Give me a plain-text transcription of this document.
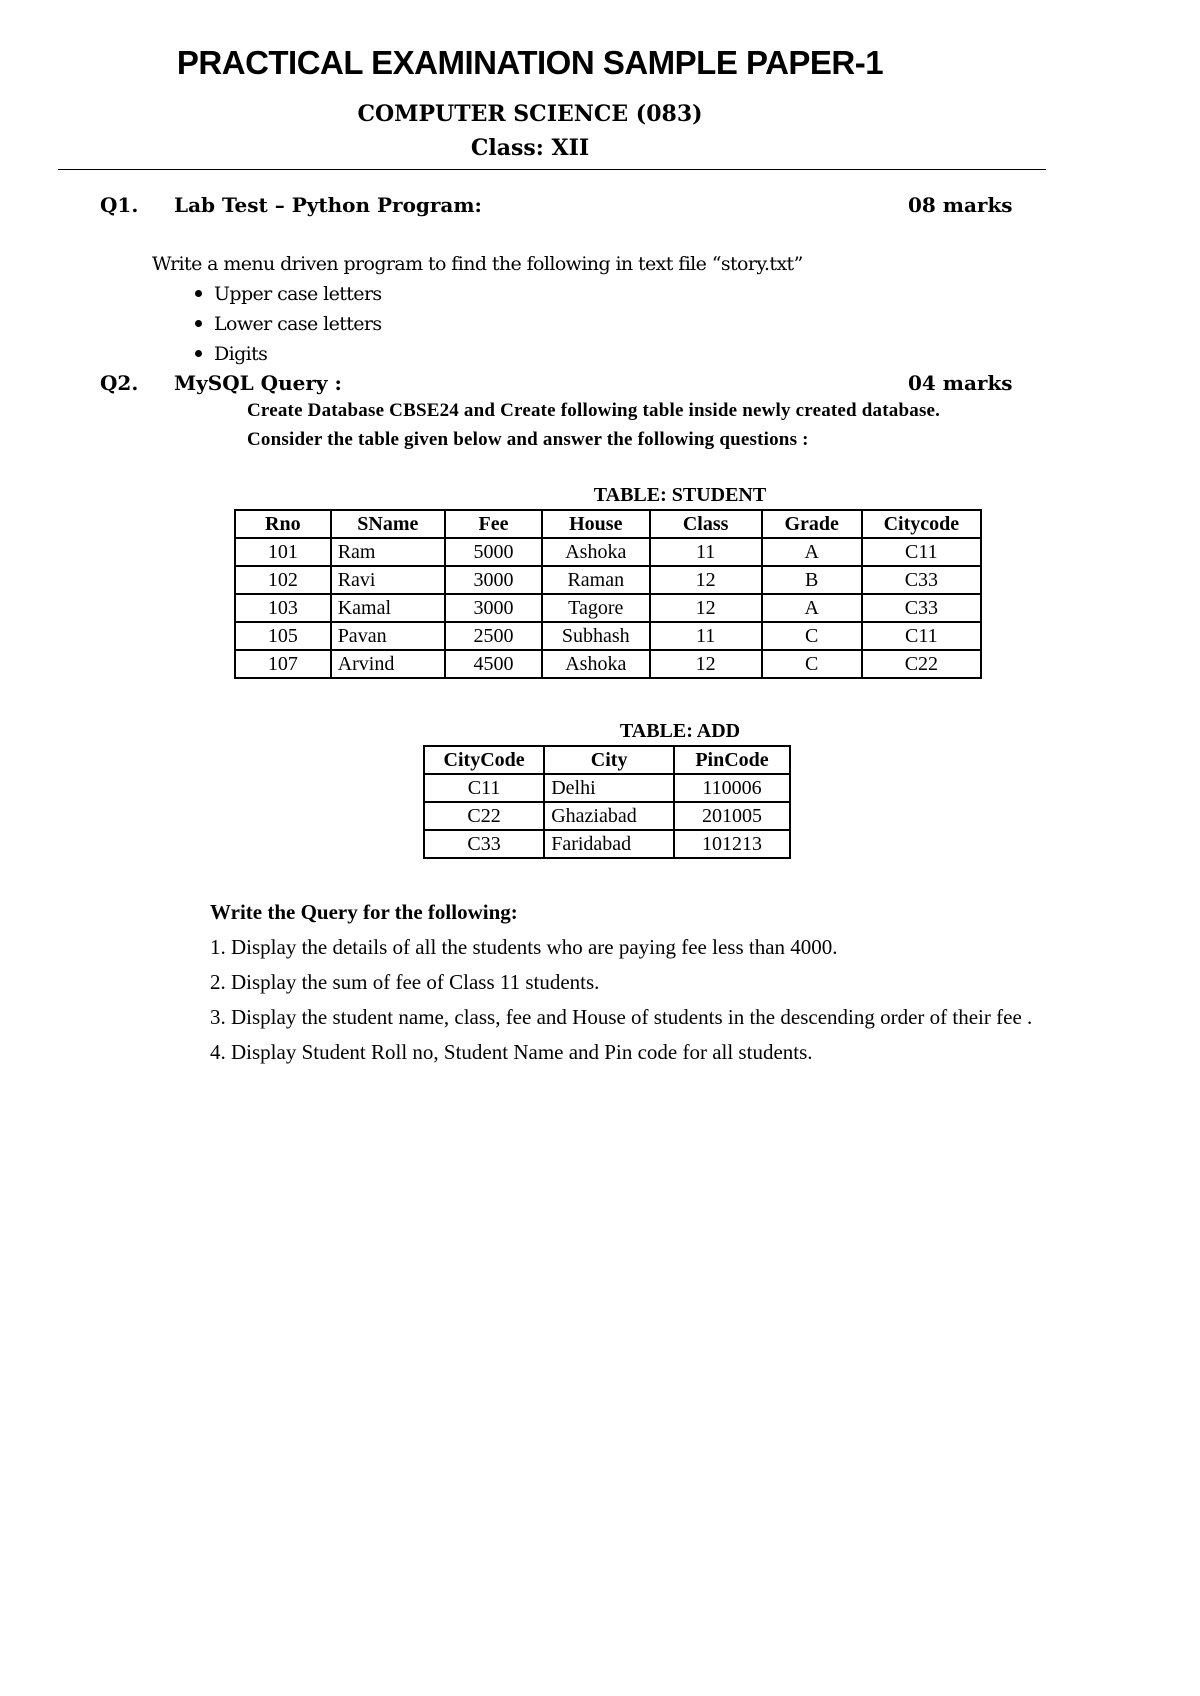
PRACTICAL EXAMINATION SAMPLE PAPER-1
COMPUTER SCIENCE (083)
Class: XII
Q1. Lab Test – Python Program:	08 marks
Write a menu driven program to find the following in text file “story.txt”
Upper case letters
Lower case letters
Digits
Q2. MySQL Query :	04 marks
Create Database CBSE24 and Create following table inside newly created database.
Consider the table given below and answer the following questions :
TABLE: STUDENT
Rno	SName	Fee	House	Class	Grade	Citycode
101	Ram	5000	Ashoka	11	A	C11
102	Ravi	3000	Raman	12	B	C33
103	Kamal	3000	Tagore	12	A	C33
105	Pavan	2500	Subhash	11	C	C11
107	Arvind	4500	Ashoka	12	C	C22
TABLE: ADD
CityCode	City	PinCode
C11	Delhi	110006
C22	Ghaziabad	201005
C33	Faridabad	101213
Write the Query for the following:
1. Display the details of all the students who are paying fee less than 4000.
2. Display the sum of fee of Class 11 students.
3. Display the student name, class, fee and House of students in the descending order of their fee .
4. Display Student Roll no, Student Name and Pin code for all students.
